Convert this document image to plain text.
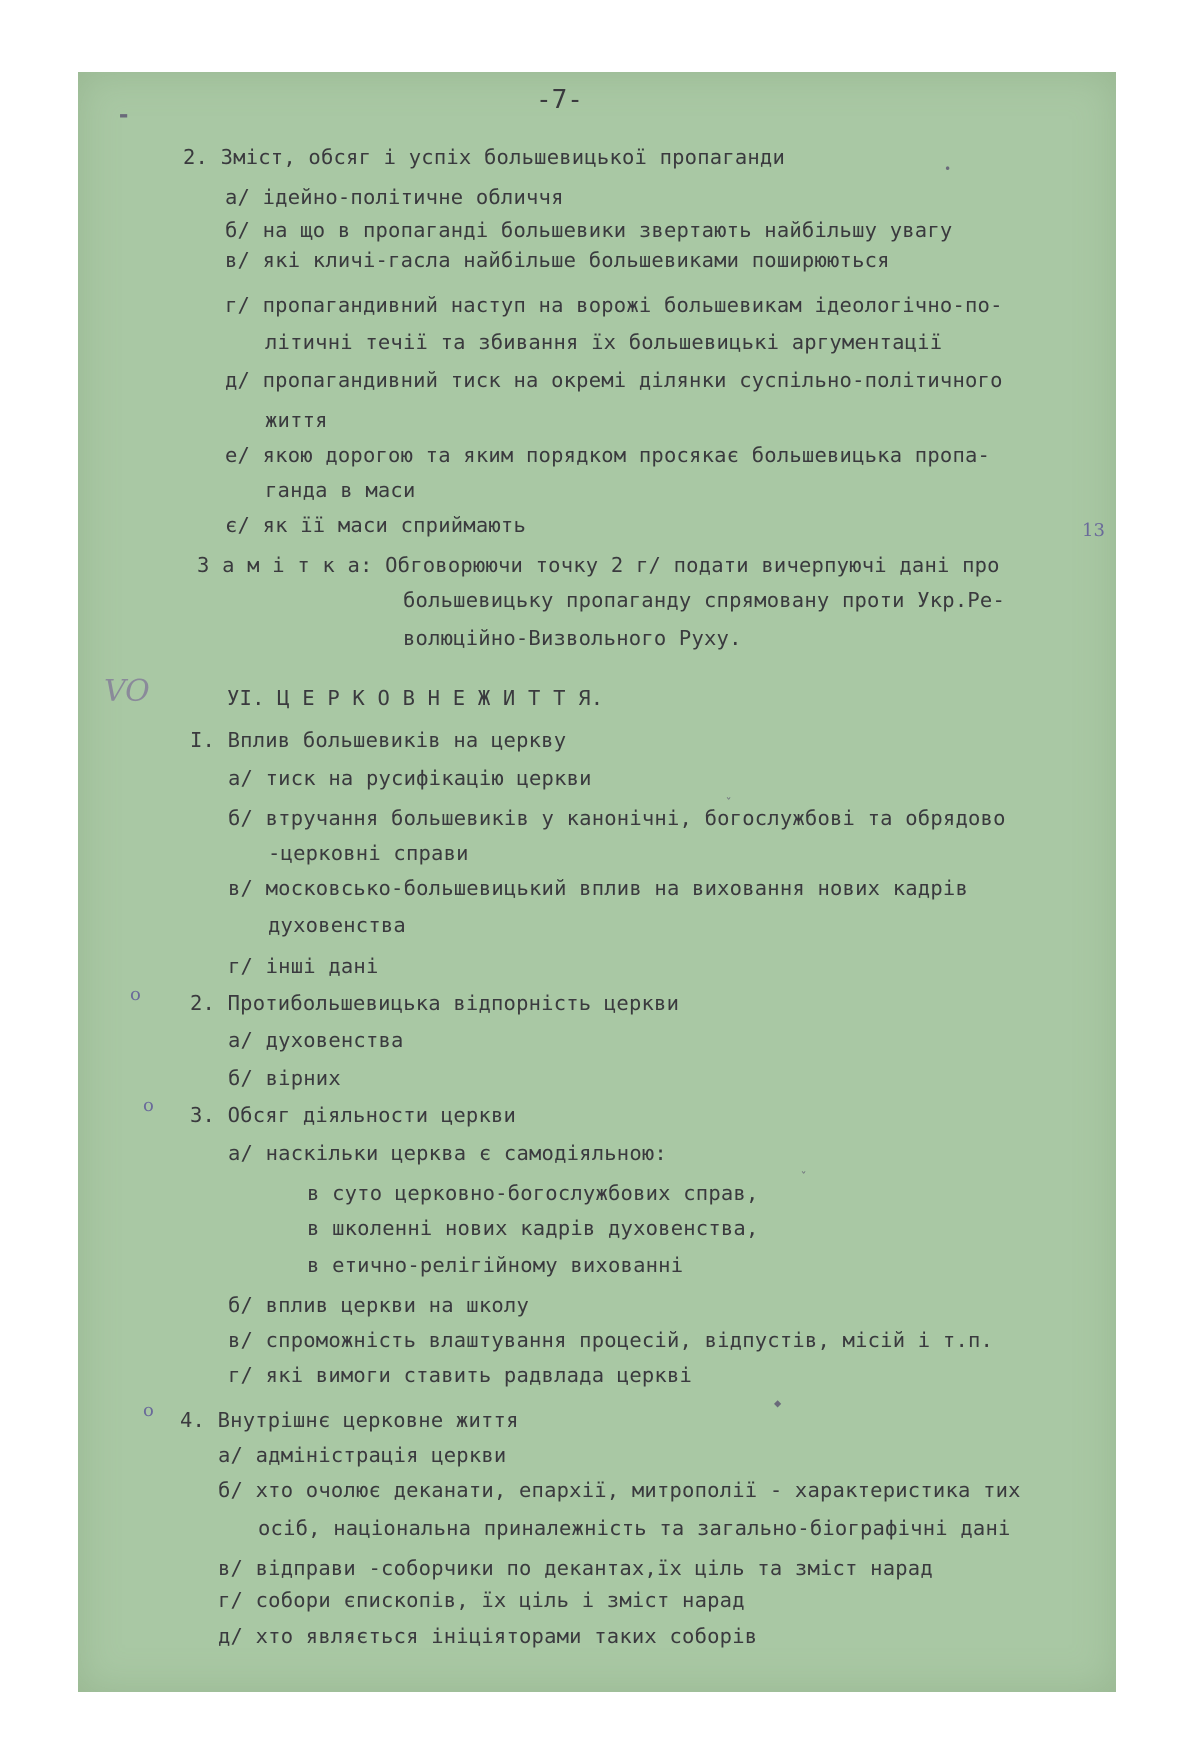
-7-
2. Зміст, обсяг і успіх большевицької пропаганди
а/ ідейно-політичне обличчя
б/ на що в пропаганді большевики звертають найбільшу увагу
в/ які кличі-гасла найбільше большевиками поширюються
г/ пропагандивний наступ на ворожі большевикам ідеологічно-по-
літичні течії та збивання їх большевицькі аргументації
д/ пропагандивний тиск на окремі ділянки суспільно-політичного
життя
е/ якою дорогою та яким порядком просякає большевицька пропа-
ганда в маси
є/ як її маси сприймають
З а м і т к а: Обговорюючи точку 2 г/ подати вичерпуючі дані про
большевицьку пропаганду спрямовану проти Укр.Ре-
волюційно-Визвольного Руху.
УІ. Ц Е Р К О В Н Е Ж И Т Т Я.
І. Вплив большевиків на церкву
а/ тиск на русифікацію церкви
б/ втручання большевиків у канонічні, богослужбові та обрядово
-церковні справи
в/ московсько-большевицький вплив на виховання нових кадрів
духовенства
г/ інші дані
2. Протибольшевицька відпорність церкви
а/ духовенства
б/ вірних
3. Обсяг діяльности церкви
а/ наскільки церква є самодіяльною:
в суто церковно-богослужбових справ,
в школенні нових кадрів духовенства,
в етично-релігійному вихованні
б/ вплив церкви на школу
в/ спроможність влаштування процесій, відпустів, місій і т.п.
г/ які вимоги ставить радвлада церкві
4. Внутрішнє церковне життя
а/ адміністрація церкви
б/ хто очолює деканати, епархії, митрополії - характеристика тих
осіб, національна приналежність та загально-біографічні дані
в/ відправи -соборчики по декантах,їх ціль та зміст нарад
г/ собори єпископів, їх ціль і зміст нарад
д/ хто являється ініціяторами таких соборів
VO
13
o
o
o
▬
•
ˇ
ˇ
◆
